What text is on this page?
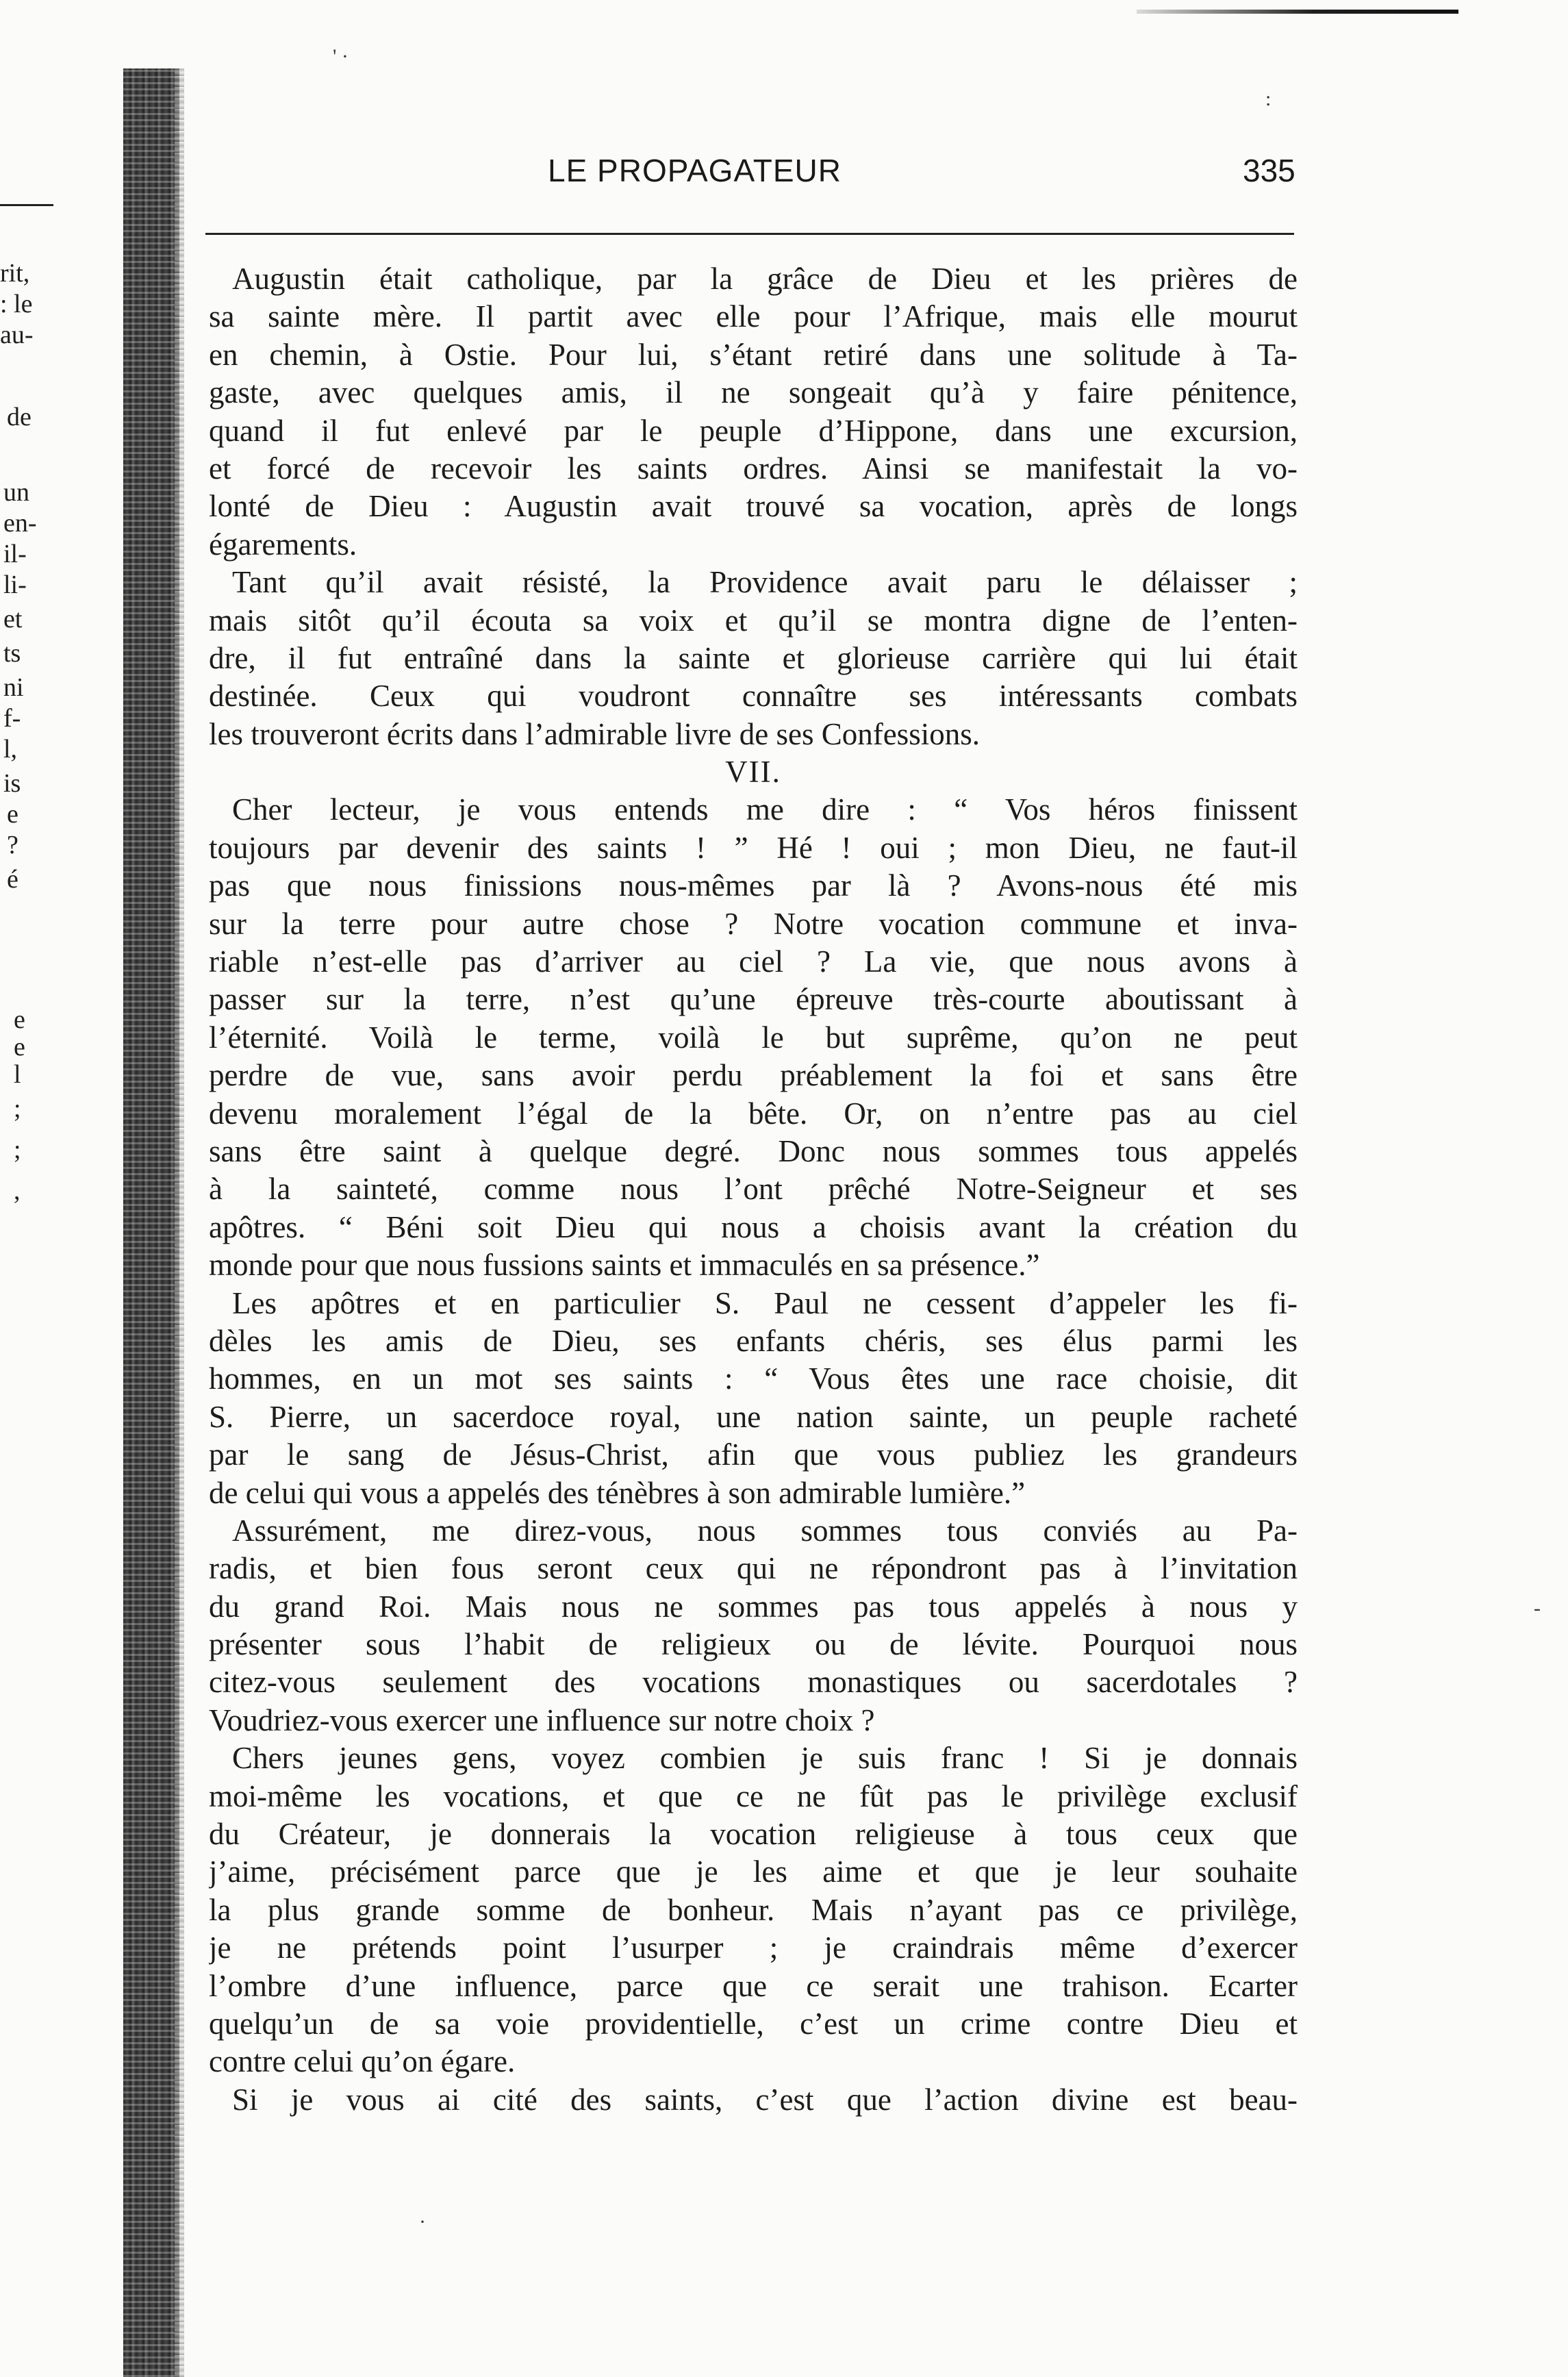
' ·
:
-
·
rit,
: le
au-
de
un
en-
il-
li-
et
ts
ni
f-
l,
is
e
?
é
e
e
l
;
;
,
LE PROPAGATEUR	335
Augustin était catholique, par la grâce de Dieu et les prières de
sa sainte mère. Il partit avec elle pour l’Afrique, mais elle mourut
en chemin, à Ostie. Pour lui, s’étant retiré dans une solitude à Ta-
gaste, avec quelques amis, il ne songeait qu’à y faire pénitence,
quand il fut enlevé par le peuple d’Hippone, dans une excursion,
et forcé de recevoir les saints ordres. Ainsi se manifestait la vo-
lonté de Dieu : Augustin avait trouvé sa vocation, après de longs
égarements.
Tant qu’il avait résisté, la Providence avait paru le délaisser ;
mais sitôt qu’il écouta sa voix et qu’il se montra digne de l’enten-
dre, il fut entraîné dans la sainte et glorieuse carrière qui lui était
destinée. Ceux qui voudront connaître ses intéressants combats
les trouveront écrits dans l’admirable livre de ses Confessions.
VII.
Cher lecteur, je vous entends me dire : “ Vos héros finissent
toujours par devenir des saints ! ” Hé ! oui ; mon Dieu, ne faut-il
pas que nous finissions nous-mêmes par là ? Avons-nous été mis
sur la terre pour autre chose ? Notre vocation commune et inva-
riable n’est-elle pas d’arriver au ciel ? La vie, que nous avons à
passer sur la terre, n’est qu’une épreuve très-courte aboutissant à
l’éternité. Voilà le terme, voilà le but suprême, qu’on ne peut
perdre de vue, sans avoir perdu préablement la foi et sans être
devenu moralement l’égal de la bête. Or, on n’entre pas au ciel
sans être saint à quelque degré. Donc nous sommes tous appelés
à la sainteté, comme nous l’ont prêché Notre-Seigneur et ses
apôtres. “ Béni soit Dieu qui nous a choisis avant la création du
monde pour que nous fussions saints et immaculés en sa présence.”
Les apôtres et en particulier S. Paul ne cessent d’appeler les fi-
dèles les amis de Dieu, ses enfants chéris, ses élus parmi les
hommes, en un mot ses saints : “ Vous êtes une race choisie, dit
S. Pierre, un sacerdoce royal, une nation sainte, un peuple racheté
par le sang de Jésus-Christ, afin que vous publiez les grandeurs
de celui qui vous a appelés des ténèbres à son admirable lumière.”
Assurément, me direz-vous, nous sommes tous conviés au Pa-
radis, et bien fous seront ceux qui ne répondront pas à l’invitation
du grand Roi. Mais nous ne sommes pas tous appelés à nous y
présenter sous l’habit de religieux ou de lévite. Pourquoi nous
citez-vous seulement des vocations monastiques ou sacerdotales ?
Voudriez-vous exercer une influence sur notre choix ?
Chers jeunes gens, voyez combien je suis franc ! Si je donnais
moi-même les vocations, et que ce ne fût pas le privilège exclusif
du Créateur, je donnerais la vocation religieuse à tous ceux que
j’aime, précisément parce que je les aime et que je leur souhaite
la plus grande somme de bonheur. Mais n’ayant pas ce privilège,
je ne prétends point l’usurper ; je craindrais même d’exercer
l’ombre d’une influence, parce que ce serait une trahison. Ecarter
quelqu’un de sa voie providentielle, c’est un crime contre Dieu et
contre celui qu’on égare.
Si je vous ai cité des saints, c’est que l’action divine est beau-
